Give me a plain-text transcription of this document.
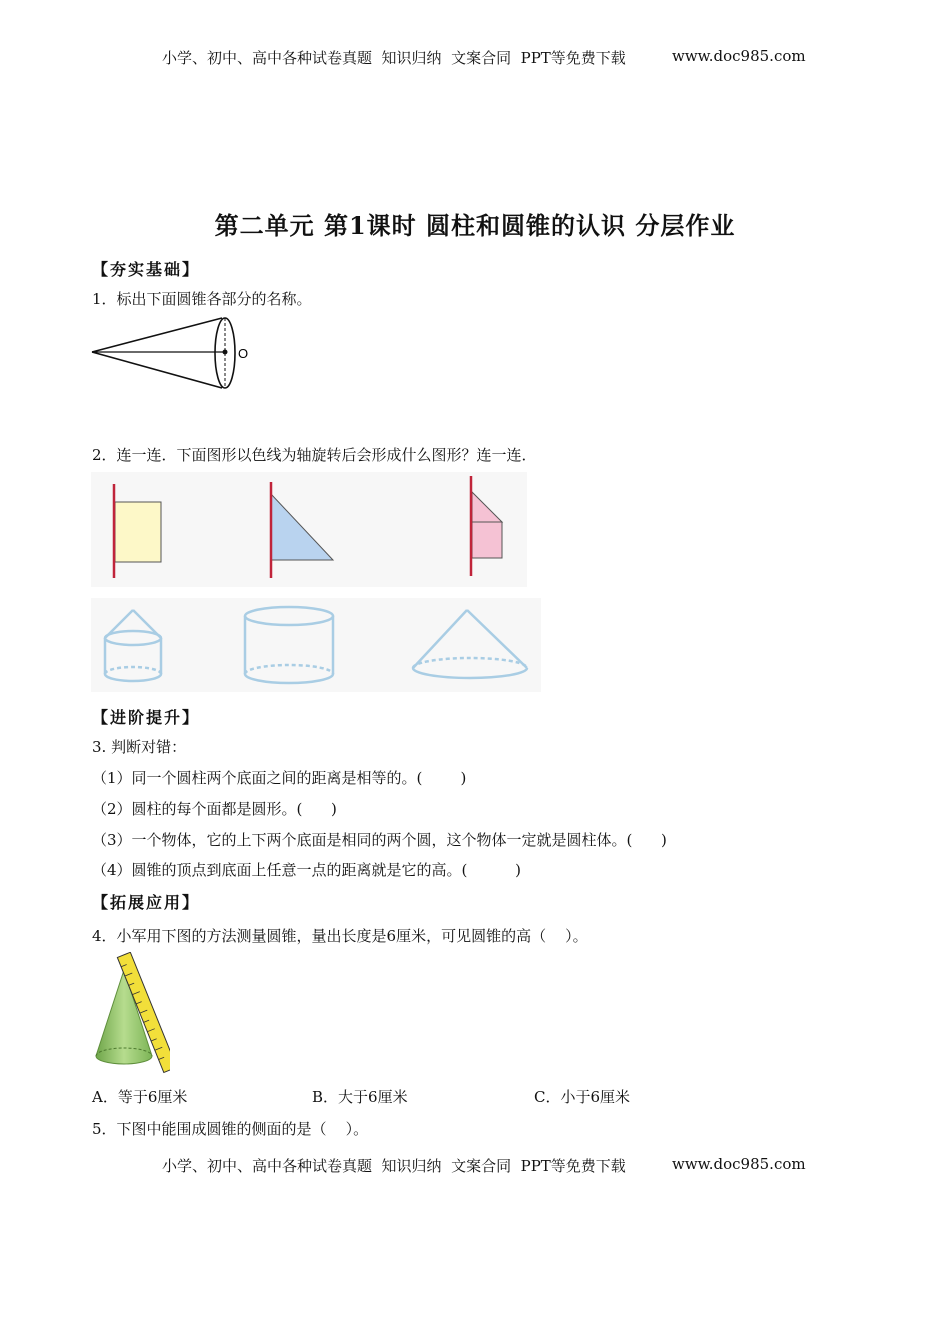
小学、初中、高中各种试卷真题  知识归纳  文案合同  PPT等免费下载	www.doc985.com
第二单元 第1课时 圆柱和圆锥的认识 分层作业
【夯实基础】
1．标出下面圆锥各部分的名称。
O
2．连一连．下面图形以色线为轴旋转后会形成什么图形？连一连．
【进阶提升】
3. 判断对错：
（1）同一个圆柱两个底面之间的距离是相等的。(        )
（2）圆柱的每个面都是圆形。(      )
（3）一个物体，它的上下两个底面是相同的两个圆，这个物体一定就是圆柱体。(      )
（4）圆锥的顶点到底面上任意一点的距离就是它的高。(          )
【拓展应用】
4．小军用下图的方法测量圆锥，量出长度是6厘米，可见圆锥的高（    ）。
A．等于6厘米	B．大于6厘米	C．小于6厘米
5．下图中能围成圆锥的侧面的是（    ）。
小学、初中、高中各种试卷真题  知识归纳  文案合同  PPT等免费下载	www.doc985.com
